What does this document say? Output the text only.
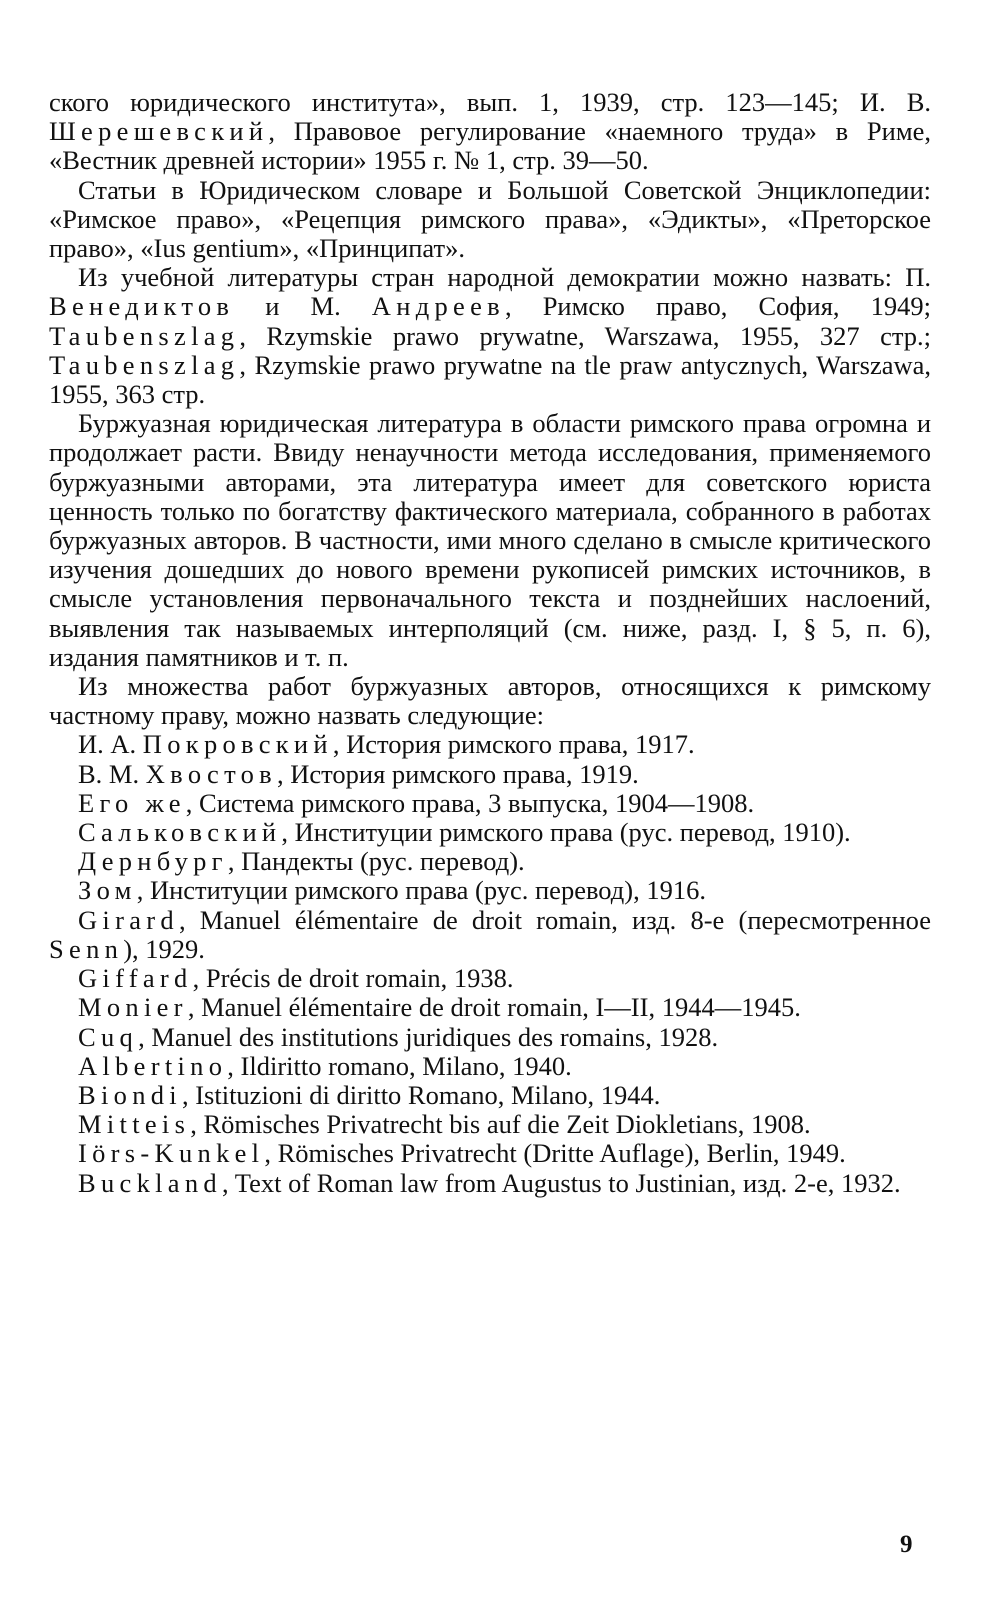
ского юридического института», вып. 1, 1939, стр. 123—145; И. В. Шерешевский, Правовое регулирование «наемного труда» в Риме, «Вестник древней истории» 1955 г. № 1, стр. 39—50.

Статьи в Юридическом словаре и Большой Советской Энциклопедии: «Римское право», «Рецепция римского права», «Эдикты», «Преторское право», «Ius gentium», «Принципат».

Из учебной литературы стран народной демократии можно назвать: П. Венедиктов и М. Андреев, Римско право, София, 1949; Taubenszlag, Rzymskie prawo prywatne, Warszawa, 1955, 327 стр.; Taubenszlag, Rzymskie prawo prywatne na tle praw antycznych, Warszawa, 1955, 363 стр.

Буржуазная юридическая литература в области римского права огромна и продолжает расти. Ввиду ненаучности метода исследования, применяемого буржуазными авторами, эта литература имеет для советского юриста ценность только по богатству фактического материала, собранного в работах буржуазных авторов. В частности, ими много сделано в смысле критического изучения дошедших до нового времени рукописей римских источников, в смысле установления первоначального текста и позднейших наслоений, выявления так называемых интерполяций (см. ниже, разд. I, § 5, п. 6), издания памятников и т. п.

Из множества работ буржуазных авторов, относящихся к римскому частному праву, можно назвать следующие:

И. А. Покровский, История римского права, 1917.

В. М. Хвостов, История римского права, 1919.

Его же, Система римского права, 3 выпуска, 1904—1908.

Сальковский, Институции римского права (рус. перевод, 1910).

Дернбург, Пандекты (рус. перевод).

Зом, Институции римского права (рус. перевод), 1916.

Girard, Manuel élémentaire de droit romain, изд. 8-е (пересмотренное Senn), 1929.

Giffard, Précis de droit romain, 1938.

Monier, Manuel élémentaire de droit romain, I—II, 1944—1945.

Cuq, Manuel des institutions juridiques des romains, 1928.

Albertino, Ildiritto romano, Milano, 1940.

Biondi, Istituzioni di diritto Romano, Milano, 1944.

Mitteis, Römisches Privatrecht bis auf die Zeit Diokletians, 1908.

Iörs-Kunkel, Römisches Privatrecht (Dritte Auflage), Berlin, 1949.

Buckland, Text of Roman law from Augustus to Justinian, изд. 2-е, 1932.

9
